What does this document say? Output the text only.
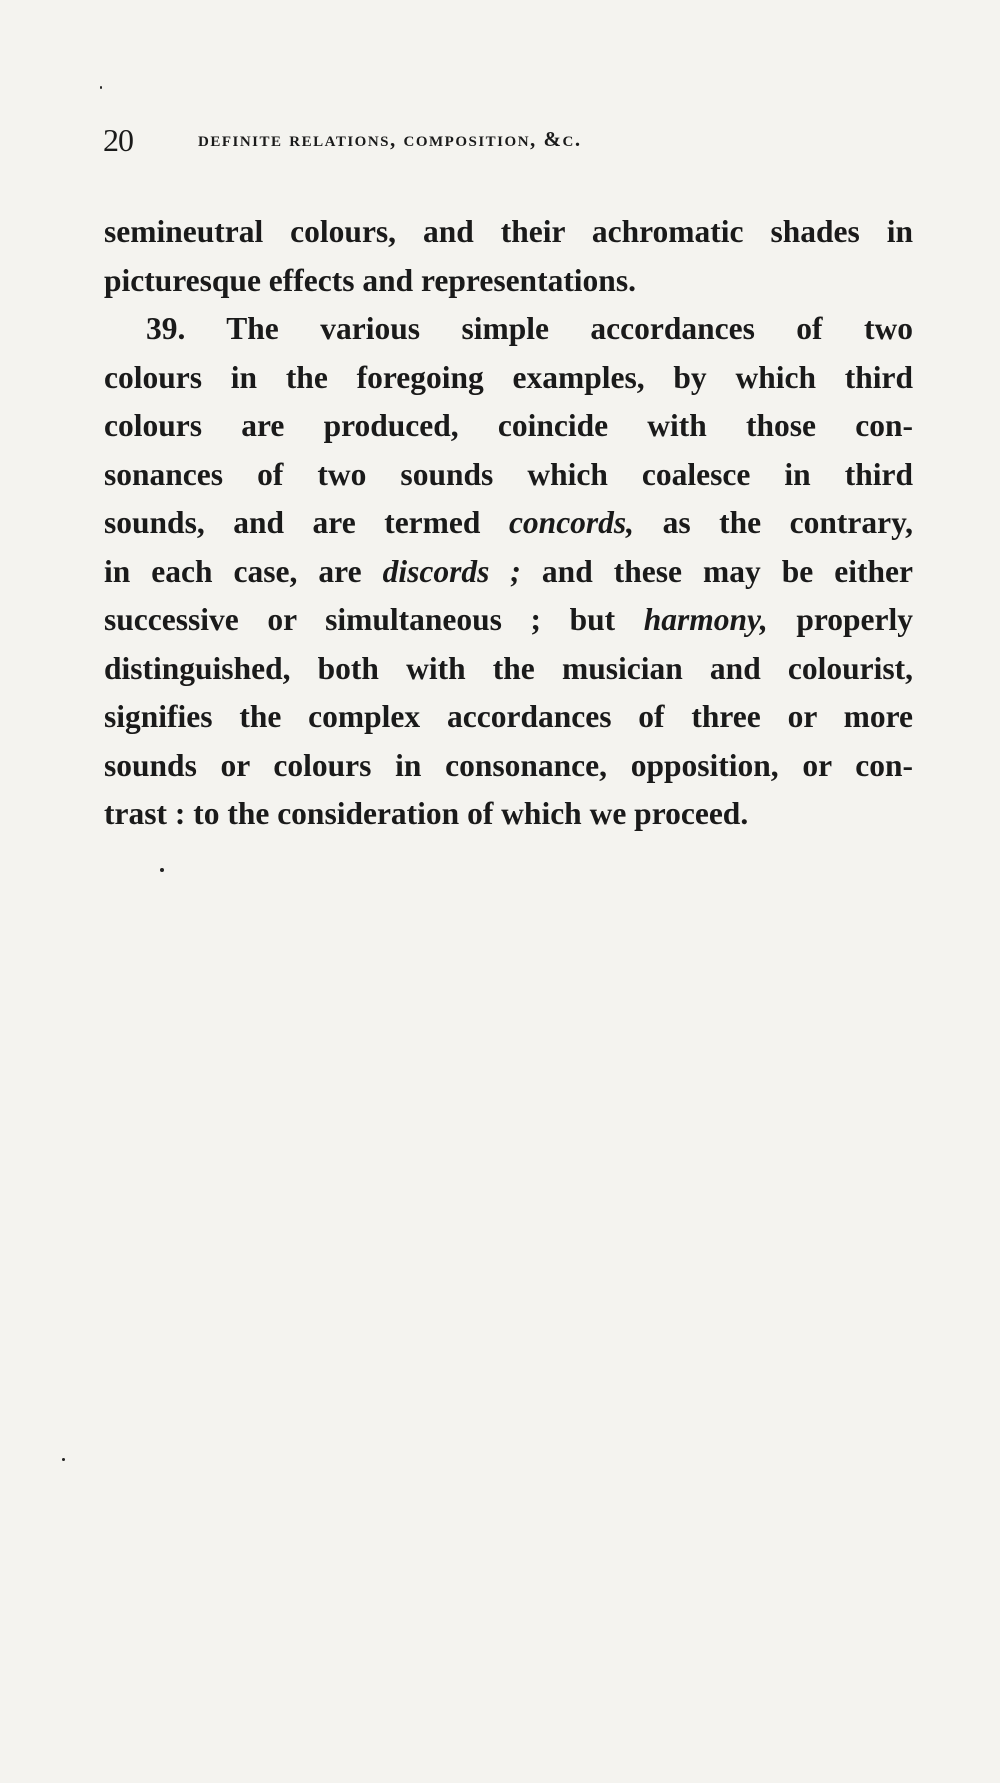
20	definite relations, composition, &c.
semineutral colours, and their achromatic shades in
picturesque effects and representations.
39. The various simple accordances of two
colours in the foregoing examples, by which third
colours are produced, coincide with those con-
sonances of two sounds which coalesce in third
sounds, and are termed concords, as the contrary,
in each case, are discords ; and these may be either
successive or simultaneous ; but harmony, properly
distinguished, both with the musician and colourist,
signifies the complex accordances of three or more
sounds or colours in consonance, opposition, or con-
trast : to the consideration of which we proceed.
